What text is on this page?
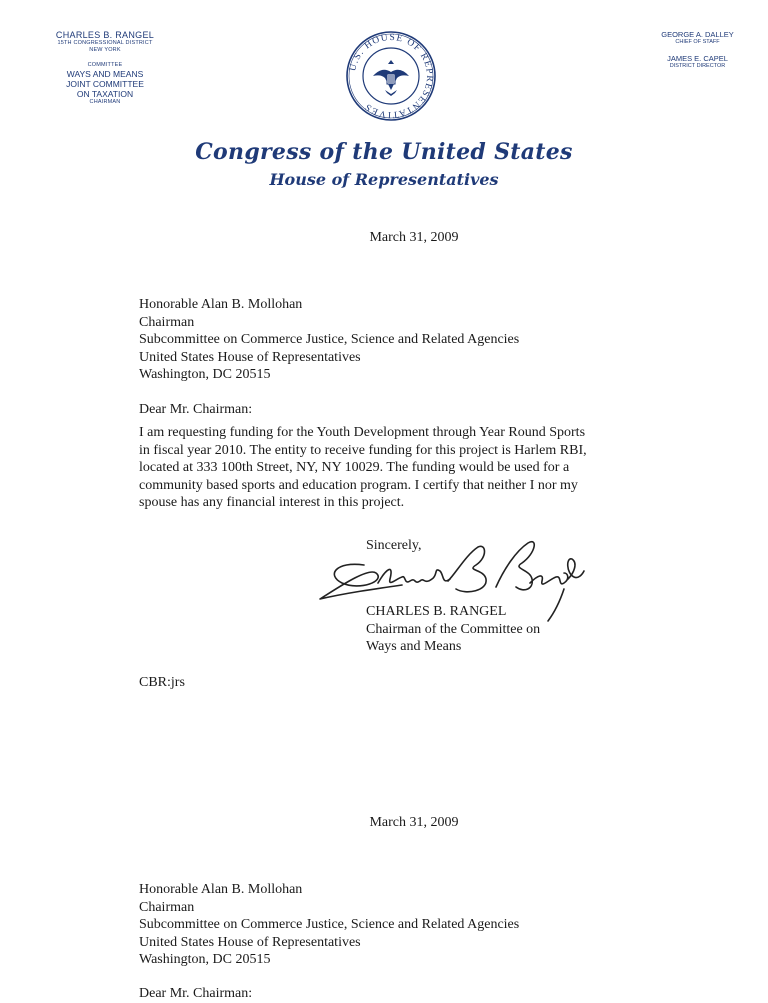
CHARLES B. RANGEL
15TH CONGRESSIONAL DISTRICT
NEW YORK
COMMITTEE
WAYS AND MEANS
JOINT COMMITTEE
ON TAXATION
CHAIRMAN
U.S. HOUSE OF REPRESENTATIVES
GEORGE A. DALLEY
CHIEF OF STAFF
JAMES E. CAPEL
DISTRICT DIRECTOR
Congress of the United States
House of Representatives
March 31, 2009
Honorable Alan B. Mollohan
Chairman
Subcommittee on Commerce Justice, Science and Related Agencies
United States House of Representatives
Washington, DC 20515
Dear Mr. Chairman:
I am requesting funding for the Youth Development through Year Round Sports
in fiscal year 2010. The entity to receive funding for this project is Harlem RBI,
located at 333 100th Street, NY, NY 10029. The funding would be used for a
community based sports and education program. I certify that neither I nor my
spouse has any financial interest in this project.
Sincerely,
CHARLES B. RANGEL
Chairman of the Committee on
Ways and Means
CBR:jrs
March 31, 2009
Honorable Alan B. Mollohan
Chairman
Subcommittee on Commerce Justice, Science and Related Agencies
United States House of Representatives
Washington, DC 20515
Dear Mr. Chairman:
